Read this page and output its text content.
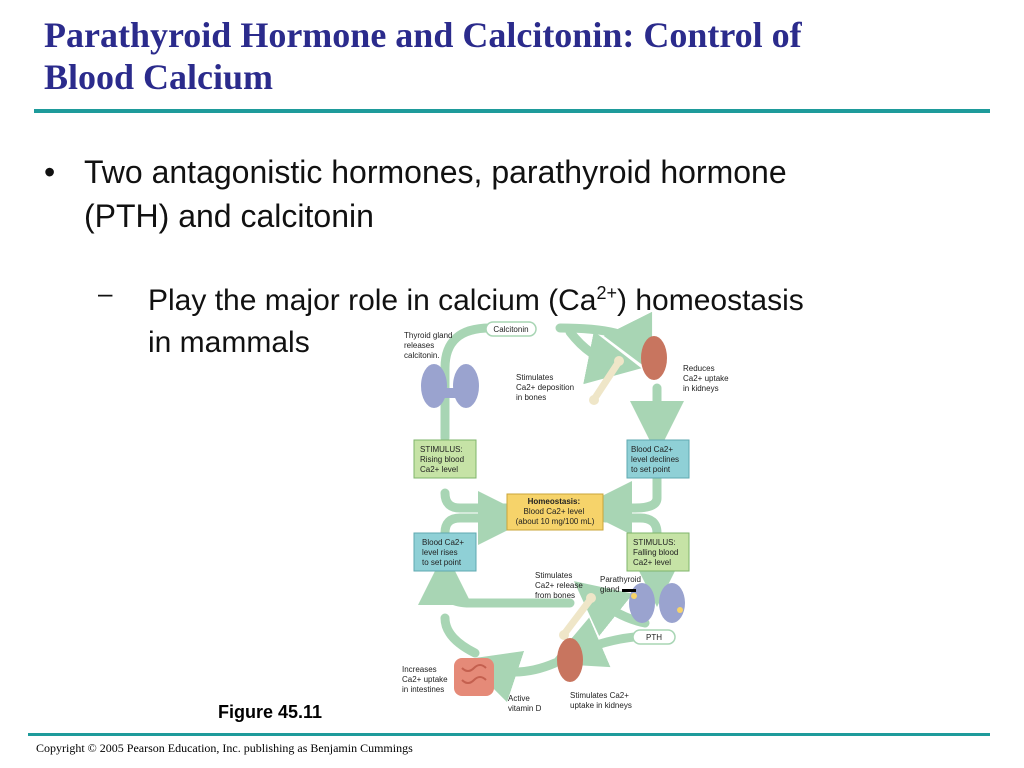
Parathyroid Hormone and Calcitonin: Control of
Blood Calcium
• Two antagonistic hormones, parathyroid hormone
(PTH) and calcitonin
– Play the major role in calcium $(Ca^{2+})$ homeostasis
in mammals	Thyroid gland releases calcitonin.
Calcitonin
Stimulates Ca2+ deposition in bones
Reduces Ca2+ uptake in kidneys
STIMULUS: Rising blood Ca2+ level
Blood Ca2+ level declines to set point
Homeostasis: Blood Ca2+ level (about 10 mg/100 mL)
Blood Ca2+ level rises to set point
STIMULUS: Falling blood Ca2+ level
Stimulates Ca2+ release from bones
Parathyroid gland
PTH
Increases Ca2+ uptake in intestines
Active vitamin D
Stimulates Ca2+ uptake in kidneys
Figure 45.11
Copyright © 2005 Pearson Education, Inc. publishing as Benjamin Cummings
